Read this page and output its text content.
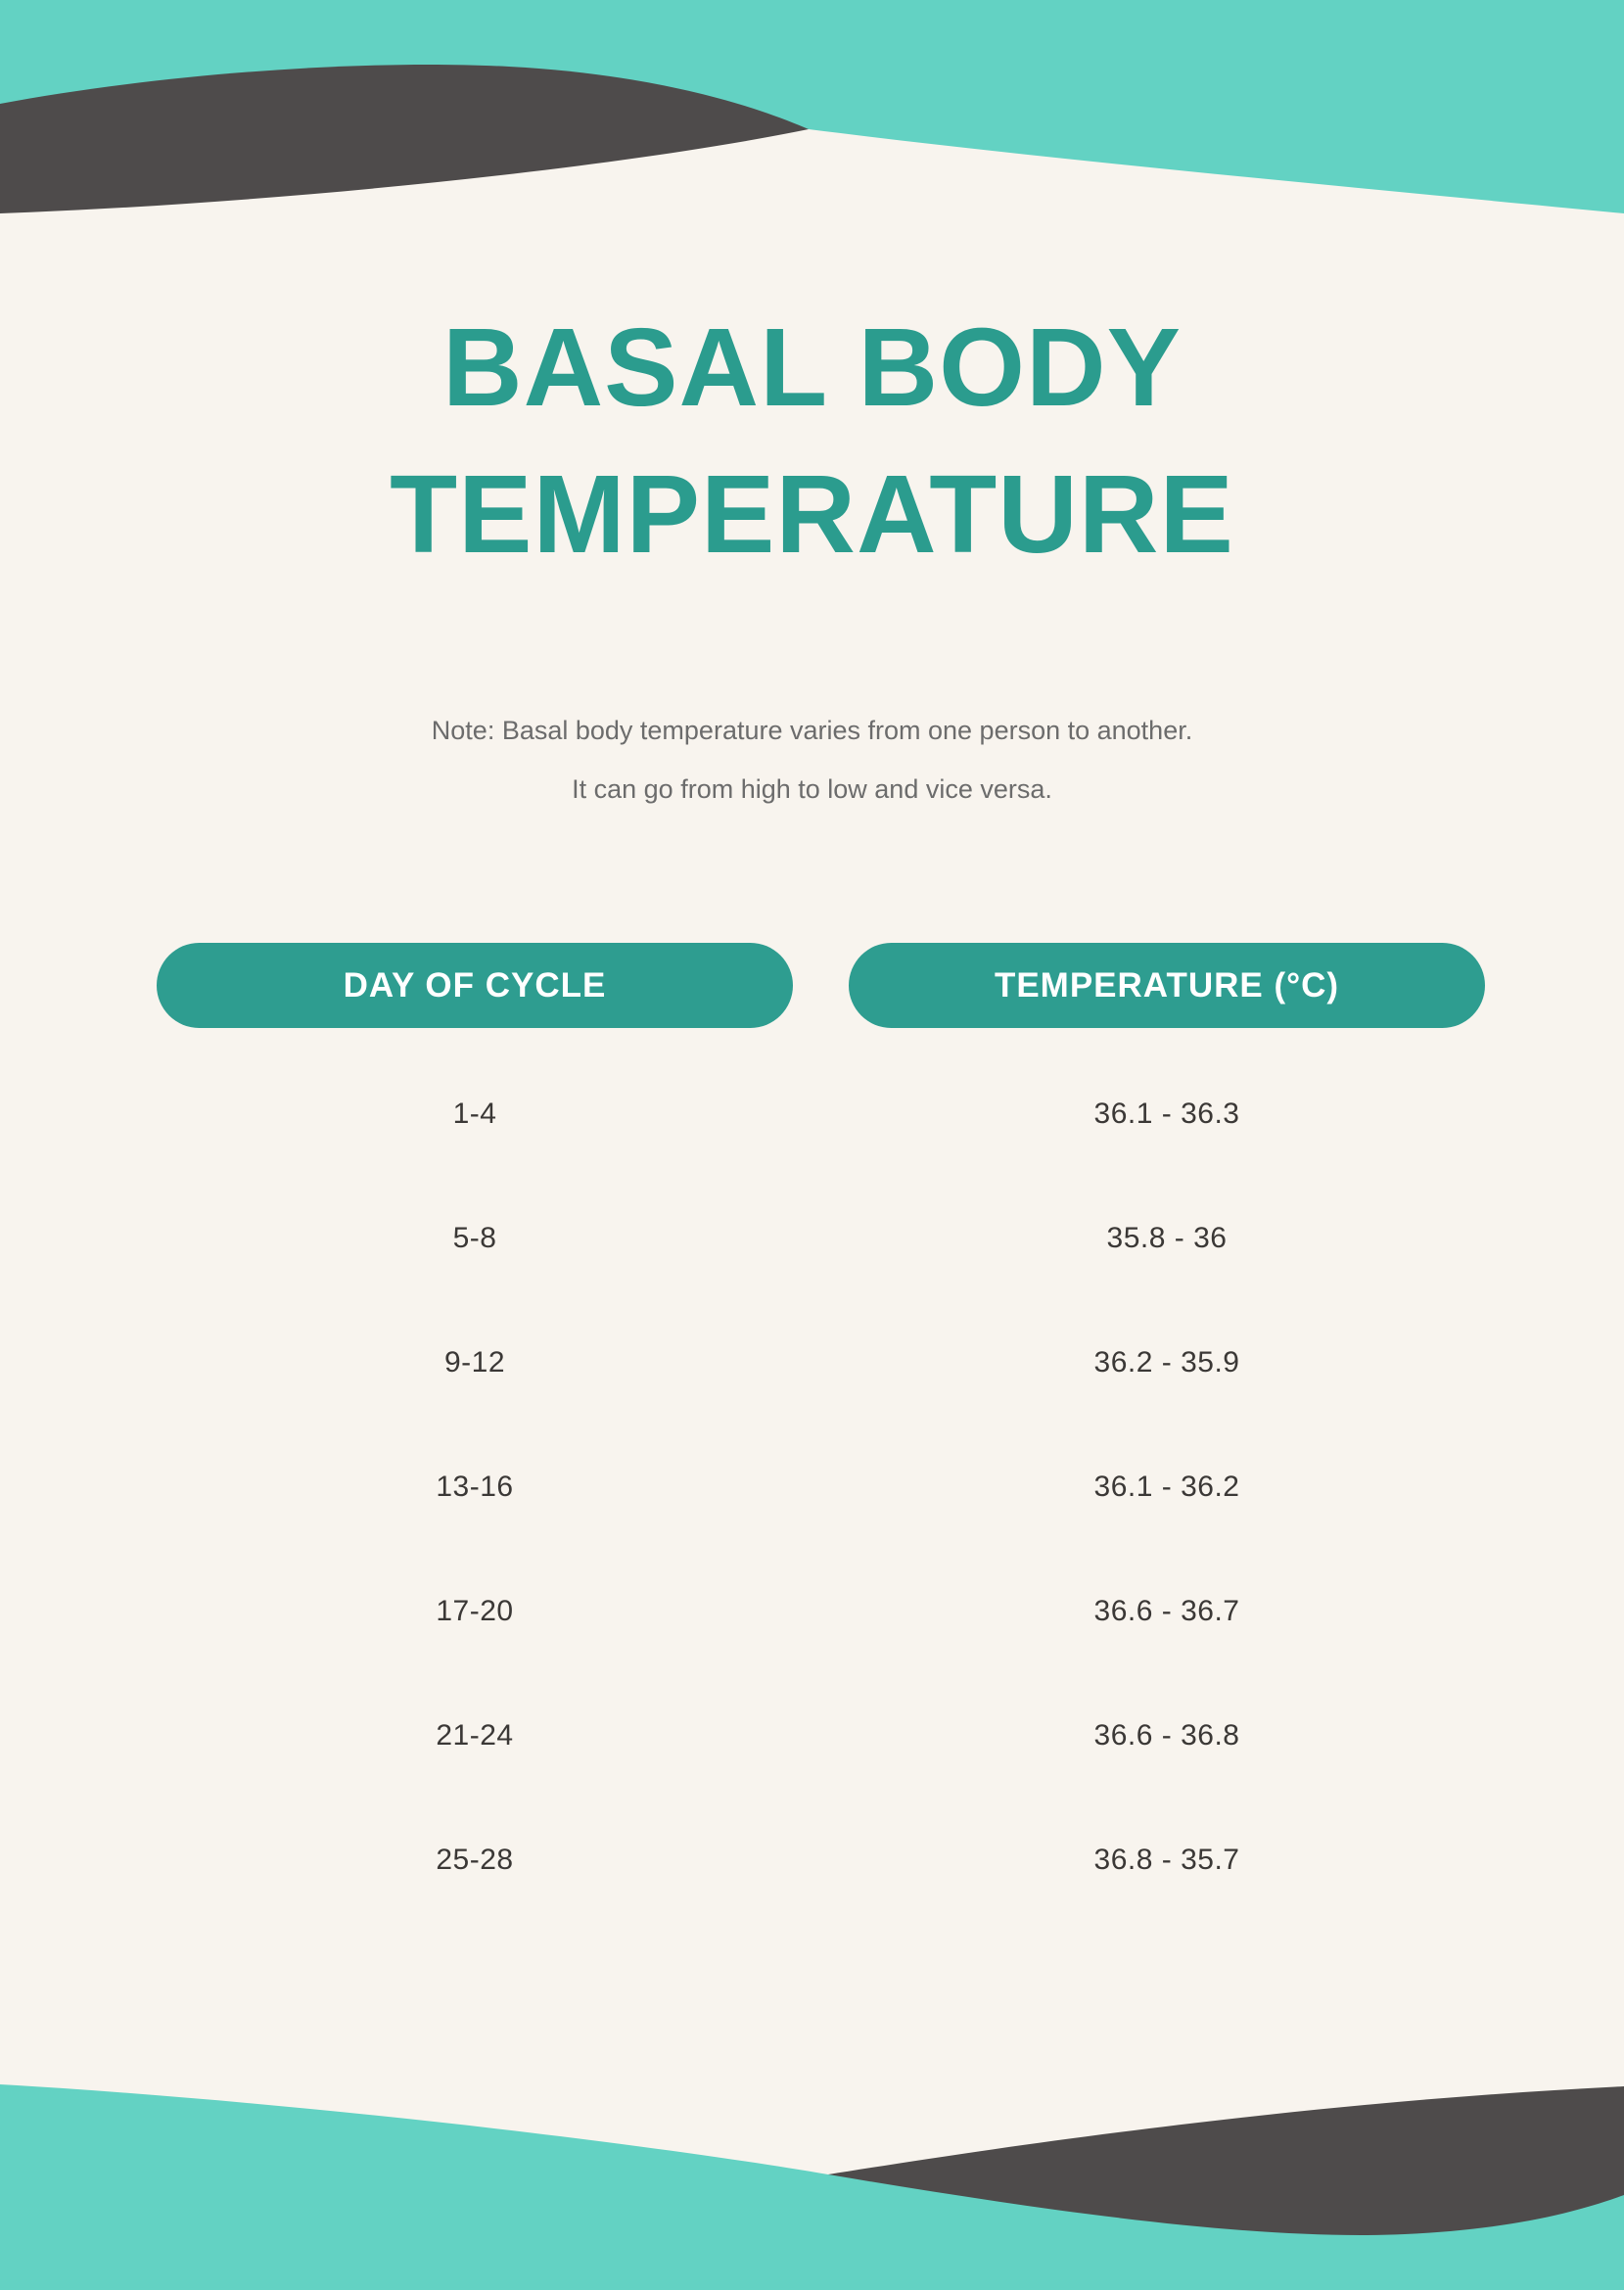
BASAL BODY
TEMPERATURE
Note: Basal body temperature varies from one person to another.
It can go from high to low and vice versa.
DAY OF CYCLE	TEMPERATURE (°C)
1-4	36.1 - 36.3
5-8	35.8 - 36
9-12	36.2 - 35.9
13-16	36.1 - 36.2
17-20	36.6 - 36.7
21-24	36.6 - 36.8
25-28	36.8 - 35.7
